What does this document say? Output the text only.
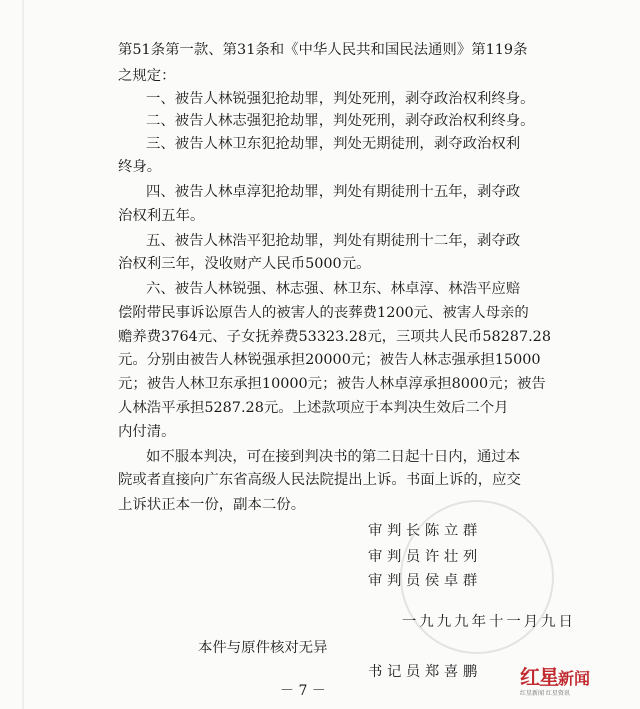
第51条第一款、第31条和《中华人民共和国民法通则》第119条
之规定：
一、被告人林锐强犯抢劫罪，判处死刑，剥夺政治权利终身。
二、被告人林志强犯抢劫罪，判处死刑，剥夺政治权利终身。
三、被告人林卫东犯抢劫罪，判处无期徒刑，剥夺政治权利
终身。
四、被告人林卓淳犯抢劫罪，判处有期徒刑十五年，剥夺政
治权利五年。
五、被告人林浩平犯抢劫罪，判处有期徒刑十二年，剥夺政
治权利三年，没收财产人民币5000元。
六、被告人林锐强、林志强、林卫东、林卓淳、林浩平应赔
偿附带民事诉讼原告人的被害人的丧葬费1200元、被害人母亲的
赡养费3764元、子女抚养费53323.28元，三项共人民币58287.28
元。分别由被告人林锐强承担20000元；被告人林志强承担15000
元；被告人林卫东承担10000元；被告人林卓淳承担8000元；被告
人林浩平承担5287.28元。上述款项应于本判决生效后二个月
内付清。
如不服本判决，可在接到判决书的第二日起十日内，通过本
院或者直接向广东省高级人民法院提出上诉。书面上诉的，应交
上诉状正本一份，副本二份。
审 判 长 陈 立 群
审 判 员 许 壮 列
审 判 员 侯 卓 群
一九九九年十一月九日
本件与原件核对无异
书 记 员 郑 喜 鹏
－ 7 －
红星新闻
红星新闻 红星资讯
